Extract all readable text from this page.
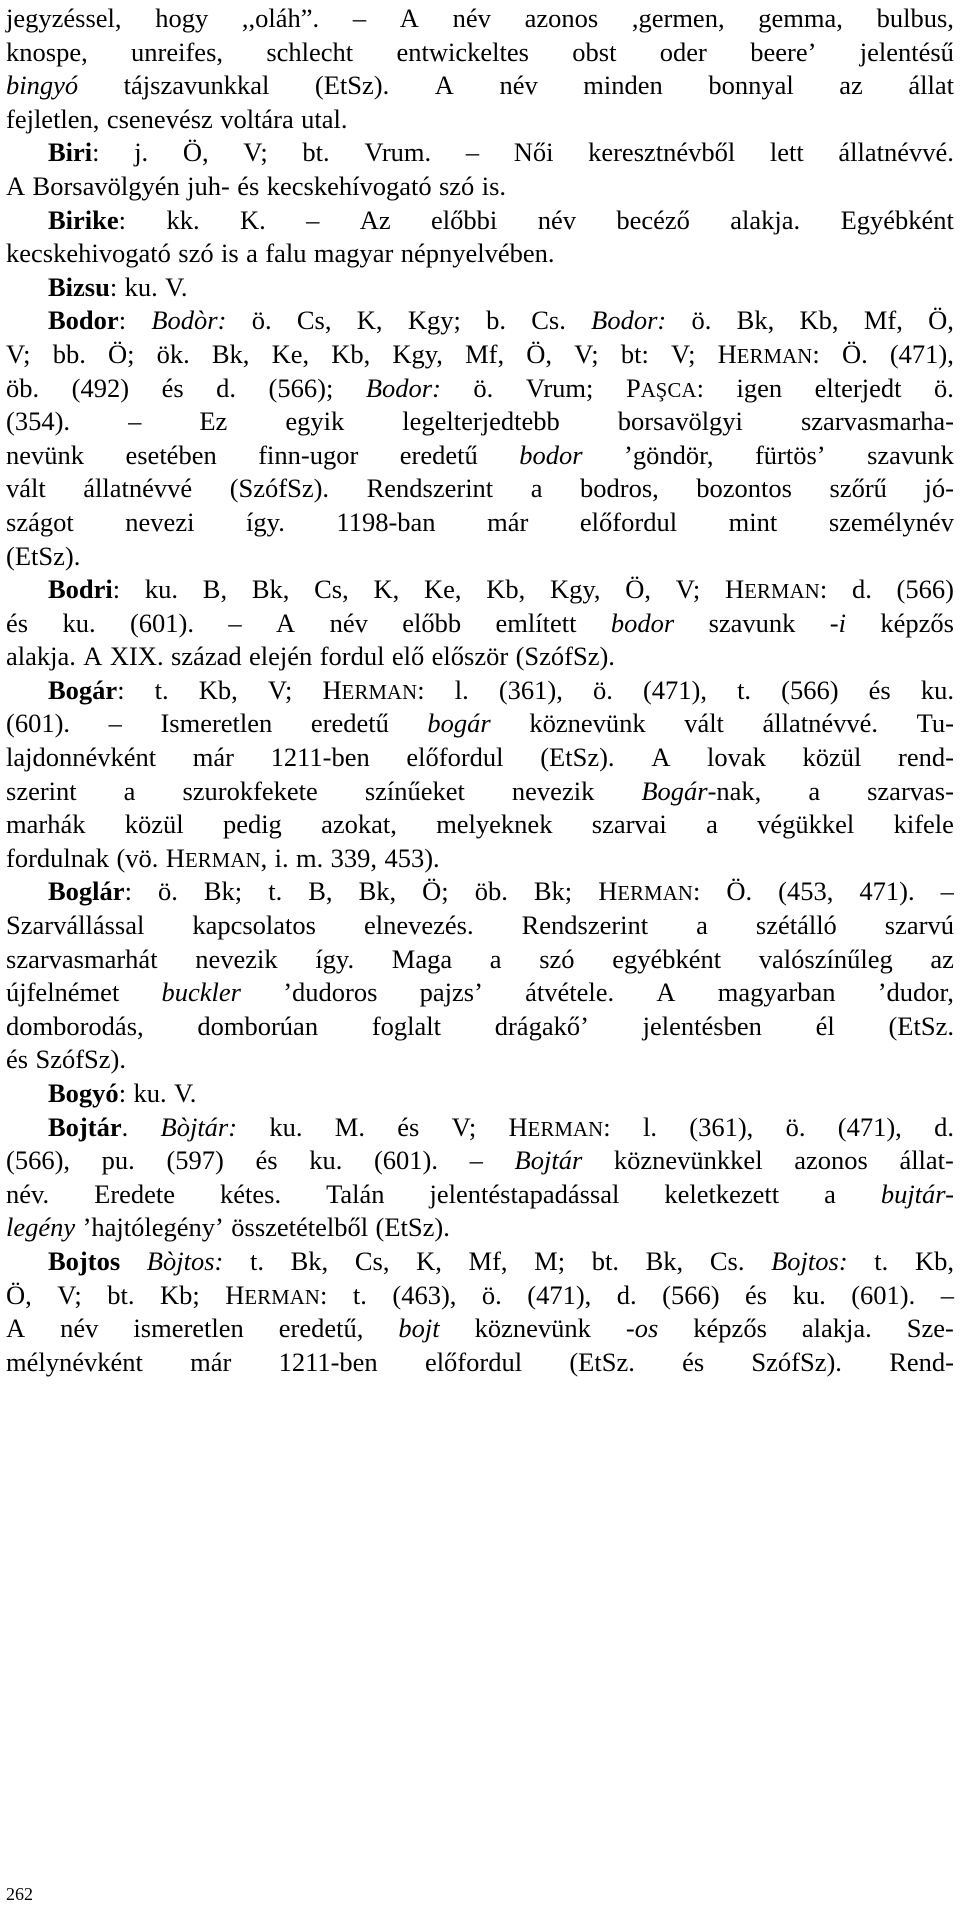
jegyzéssel, hogy ,,oláh”. – A név azonos ,germen, gemma, bulbus,
knospe, unreifes, schlecht entwickeltes obst oder beere’ jelentésű
bingyó tájszavunkkal (EtSz). A név minden bonnyal az állat
fejletlen, csenevész voltára utal.
Biri: j. Ö, V; bt. Vrum. – Női keresztnévből lett állatnévvé.
A Borsavölgyén juh- és kecskehívogató szó is.
Birike: kk. K. – Az előbbi név becéző alakja. Egyébként
kecskehivogató szó is a falu magyar népnyelvében.
Bizsu: ku. V.
Bodor: Bodòr: ö. Cs, K, Kgy; b. Cs. Bodor: ö. Bk, Kb, Mf, Ö,
V; bb. Ö; ök. Bk, Ke, Kb, Kgy, Mf, Ö, V; bt: V; HERMAN: Ö. (471),
öb. (492) és d. (566); Bodor: ö. Vrum; PAŞCA: igen elterjedt ö.
(354). – Ez egyik legelterjedtebb borsavölgyi szarvasmarha-
nevünk esetében finn-ugor eredetű bodor ’göndör, fürtös’ szavunk
vált állatnévvé (SzófSz). Rendszerint a bodros, bozontos szőrű jó-
szágot nevezi így. 1198-ban már előfordul mint személynév
(EtSz).
Bodri: ku. B, Bk, Cs, K, Ke, Kb, Kgy, Ö, V; HERMAN: d. (566)
és ku. (601). – A név előbb említett bodor szavunk -i képzős
alakja. A XIX. század elején fordul elő először (SzófSz).
Bogár: t. Kb, V; HERMAN: l. (361), ö. (471), t. (566) és ku.
(601). – Ismeretlen eredetű bogár köznevünk vált állatnévvé. Tu-
lajdonnévként már 1211-ben előfordul (EtSz). A lovak közül rend-
szerint a szurokfekete színűeket nevezik Bogár-nak, a szarvas-
marhák közül pedig azokat, melyeknek szarvai a végükkel kifele
fordulnak (vö. HERMAN, i. m. 339, 453).
Boglár: ö. Bk; t. B, Bk, Ö; öb. Bk; HERMAN: Ö. (453, 471). –
Szarvállással kapcsolatos elnevezés. Rendszerint a szétálló szarvú
szarvasmarhát nevezik így. Maga a szó egyébként valószínűleg az
újfelnémet buckler ’dudoros pajzs’ átvétele. A magyarban ’dudor,
domborodás, domborúan foglalt drágakő’ jelentésben él (EtSz.
és SzófSz).
Bogyó: ku. V.
Bojtár. Bòjtár: ku. M. és V; HERMAN: l. (361), ö. (471), d.
(566), pu. (597) és ku. (601). – Bojtár köznevünkkel azonos állat-
név. Eredete kétes. Talán jelentéstapadással keletkezett a bujtár-
legény ’hajtólegény’ összetételből (EtSz).
Bojtos Bòjtos: t. Bk, Cs, K, Mf, M; bt. Bk, Cs. Bojtos: t. Kb,
Ö, V; bt. Kb; HERMAN: t. (463), ö. (471), d. (566) és ku. (601). –
A név ismeretlen eredetű, bojt köznevünk -os képzős alakja. Sze-
mélynévként már 1211-ben előfordul (EtSz. és SzófSz). Rend-
262
